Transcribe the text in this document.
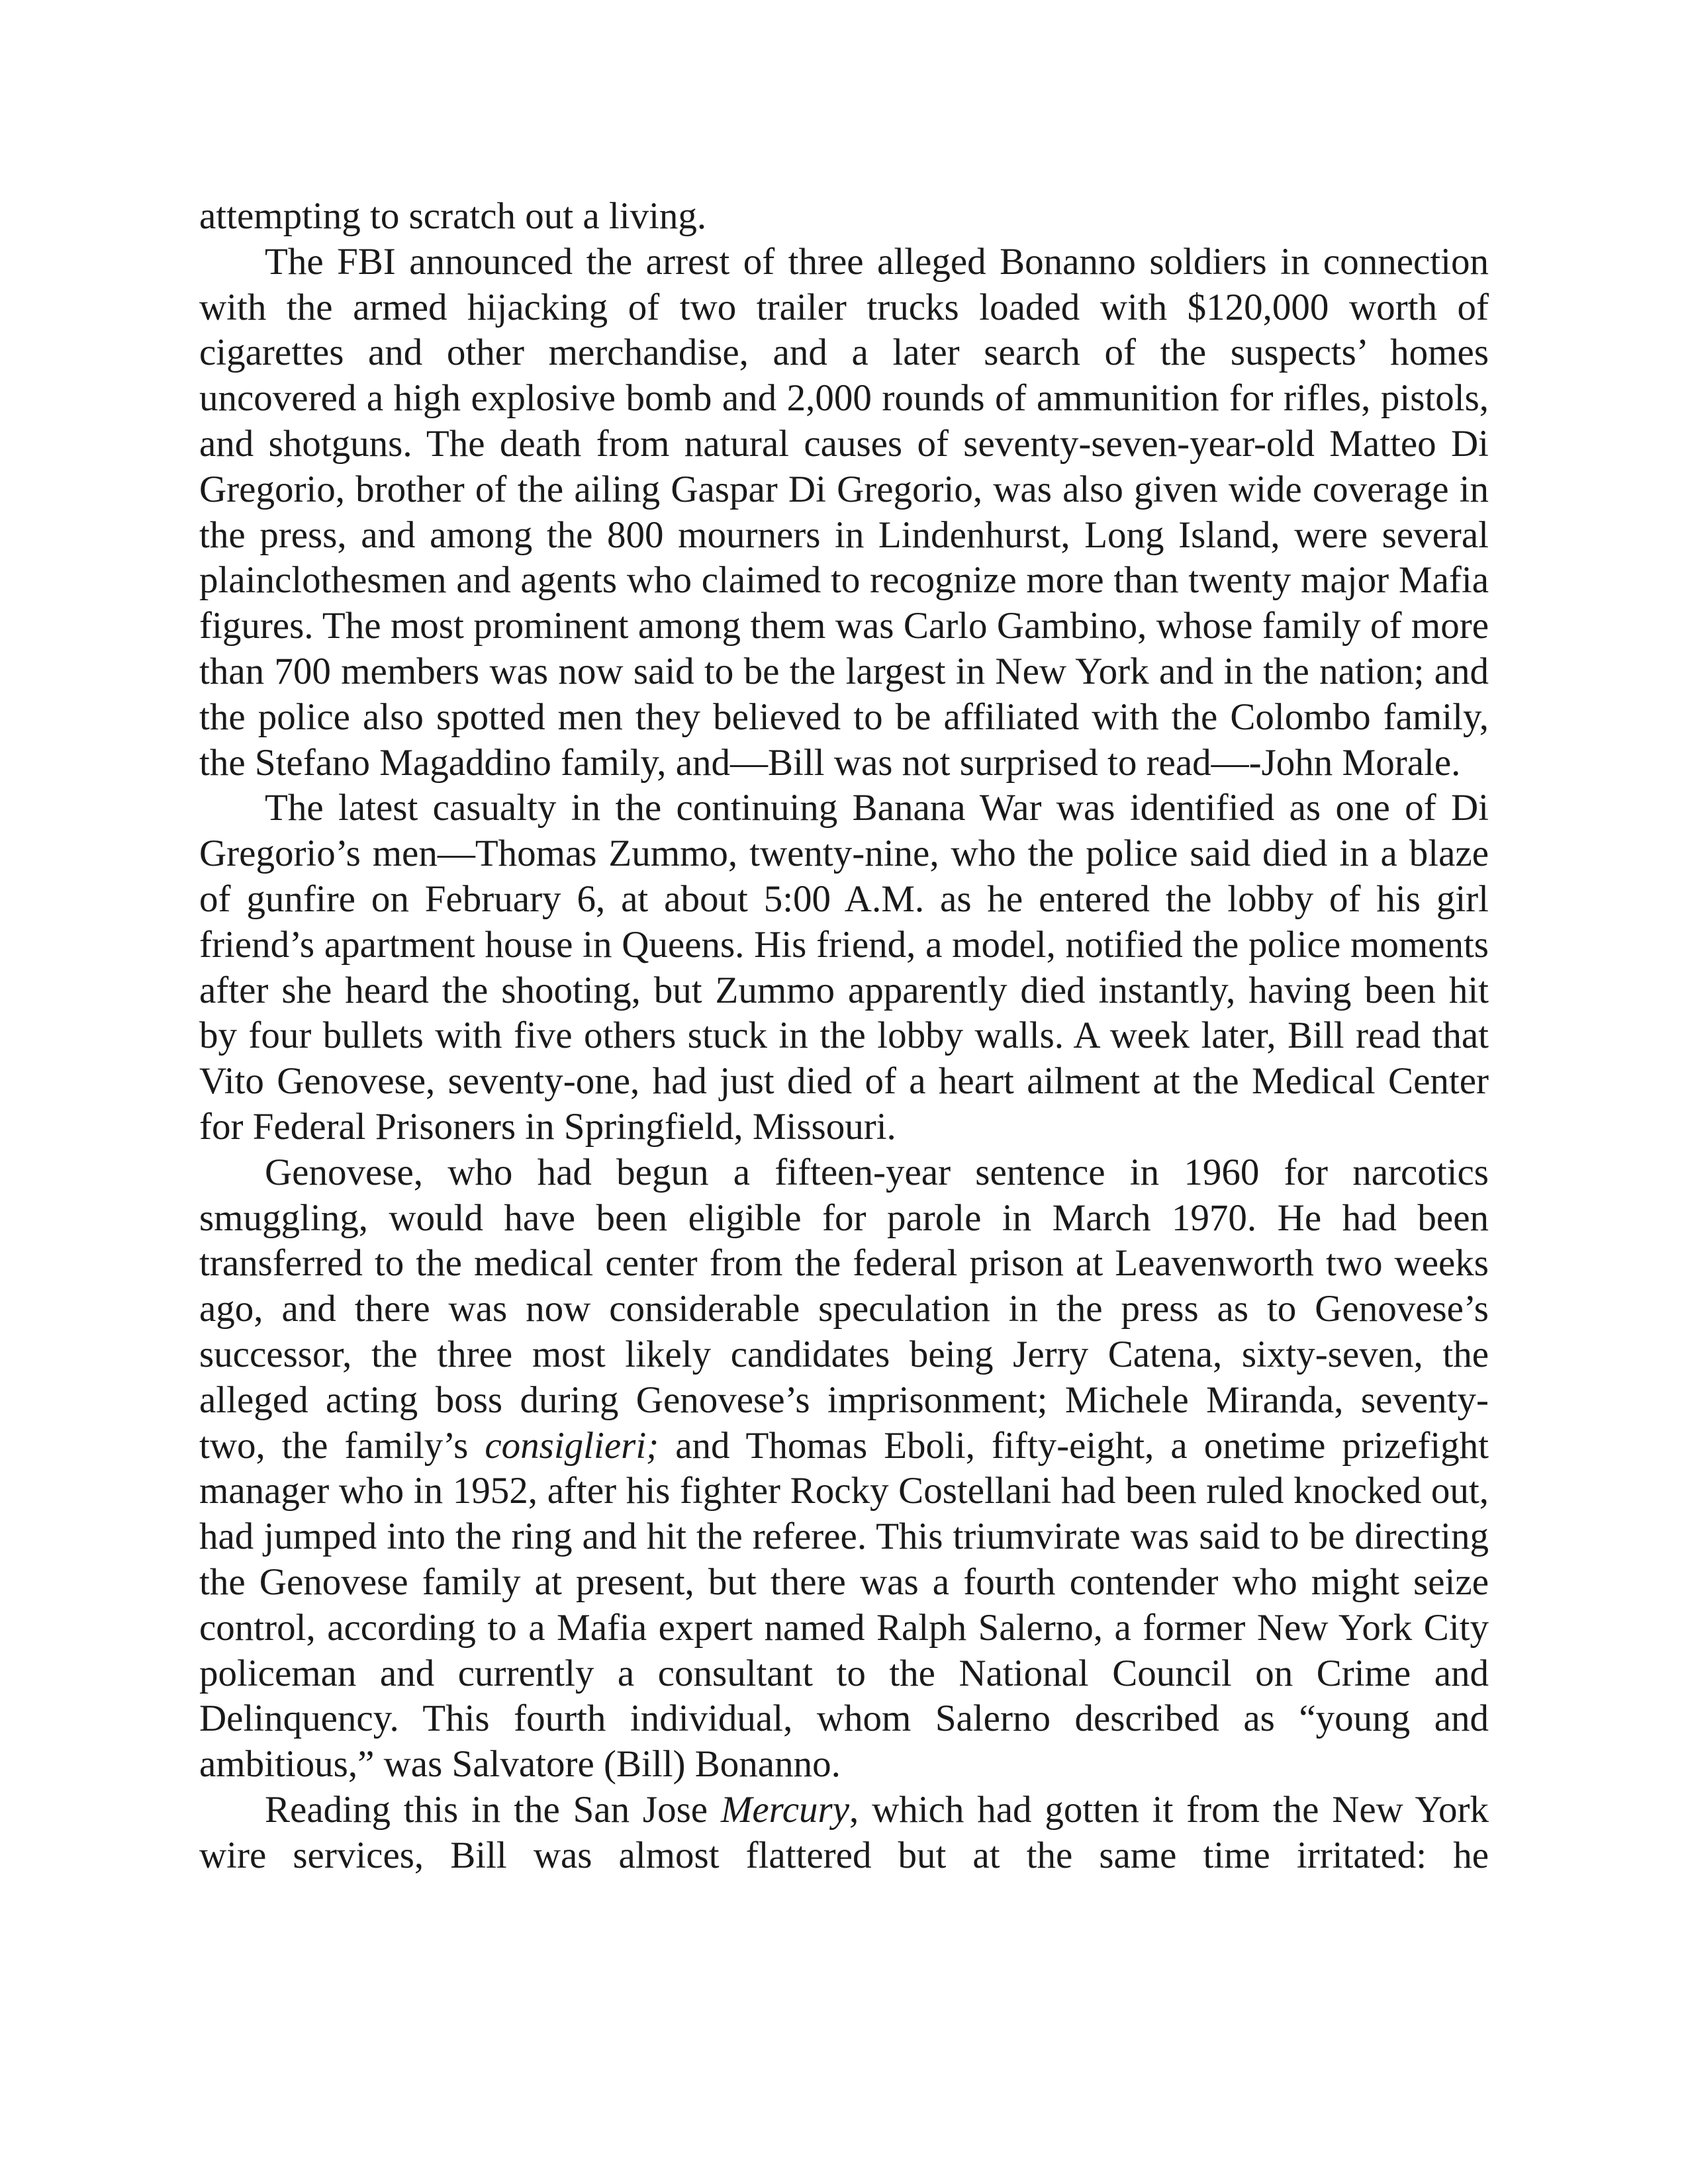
attempting to scratch out a living.

The FBI announced the arrest of three alleged Bonanno soldiers in connection with the armed hijacking of two trailer trucks loaded with $120,000 worth of cigarettes and other merchandise, and a later search of the suspects’ homes uncovered a high explosive bomb and 2,000 rounds of ammunition for rifles, pistols, and shotguns. The death from natural causes of seventy-seven-year-old Matteo Di Gregorio, brother of the ailing Gaspar Di Gregorio, was also given wide coverage in the press, and among the 800 mourners in Lindenhurst, Long Island, were several plainclothesmen and agents who claimed to recognize more than twenty major Mafia figures. The most prominent among them was Carlo Gambino, whose family of more than 700 members was now said to be the largest in New York and in the nation; and the police also spotted men they believed to be affiliated with the Colombo family, the Stefano Magaddino family, and—Bill was not surprised to read—-John Morale.

The latest casualty in the continuing Banana War was identified as one of Di Gregorio’s men—Thomas Zummo, twenty-nine, who the police said died in a blaze of gunfire on February 6, at about 5:00 A.M. as he entered the lobby of his girl friend’s apartment house in Queens. His friend, a model, notified the police moments after she heard the shooting, but Zummo apparently died instantly, having been hit by four bullets with five others stuck in the lobby walls. A week later, Bill read that Vito Genovese, seventy-one, had just died of a heart ailment at the Medical Center for Federal Prisoners in Springfield, Missouri.

Genovese, who had begun a fifteen-year sentence in 1960 for narcotics smuggling, would have been eligible for parole in March 1970. He had been transferred to the medical center from the federal prison at Leavenworth two weeks ago, and there was now considerable speculation in the press as to Genovese’s successor, the three most likely candidates being Jerry Catena, sixty-seven, the alleged acting boss during Genovese’s imprisonment; Michele Miranda, seventy-two, the family’s consiglieri; and Thomas Eboli, fifty-eight, a onetime prizefight manager who in 1952, after his fighter Rocky Costellani had been ruled knocked out, had jumped into the ring and hit the referee. This triumvirate was said to be directing the Genovese family at present, but there was a fourth contender who might seize control, according to a Mafia expert named Ralph Salerno, a former New York City policeman and currently a consultant to the National Council on Crime and Delinquency. This fourth individual, whom Salerno described as “young and ambitious,” was Salvatore (Bill) Bonanno.

Reading this in the San Jose Mercury, which had gotten it from the New York wire services, Bill was almost flattered but at the same time irritated: he
